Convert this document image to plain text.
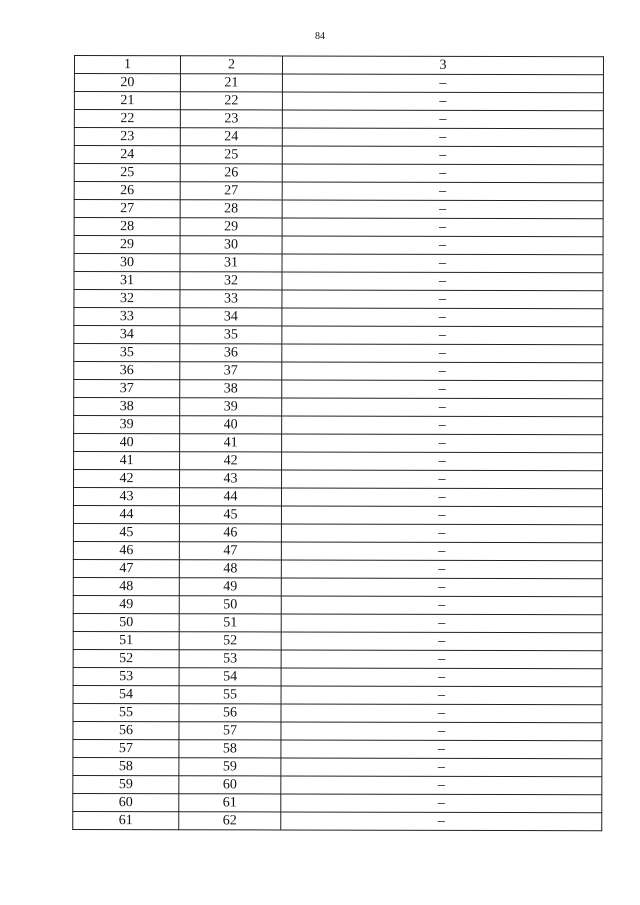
84
1	2	3
20	21	–
21	22	–
22	23	–
23	24	–
24	25	–
25	26	–
26	27	–
27	28	–
28	29	–
29	30	–
30	31	–
31	32	–
32	33	–
33	34	–
34	35	–
35	36	–
36	37	–
37	38	–
38	39	–
39	40	–
40	41	–
41	42	–
42	43	–
43	44	–
44	45	–
45	46	–
46	47	–
47	48	–
48	49	–
49	50	–
50	51	–
51	52	–
52	53	–
53	54	–
54	55	–
55	56	–
56	57	–
57	58	–
58	59	–
59	60	–
60	61	–
61	62	–
